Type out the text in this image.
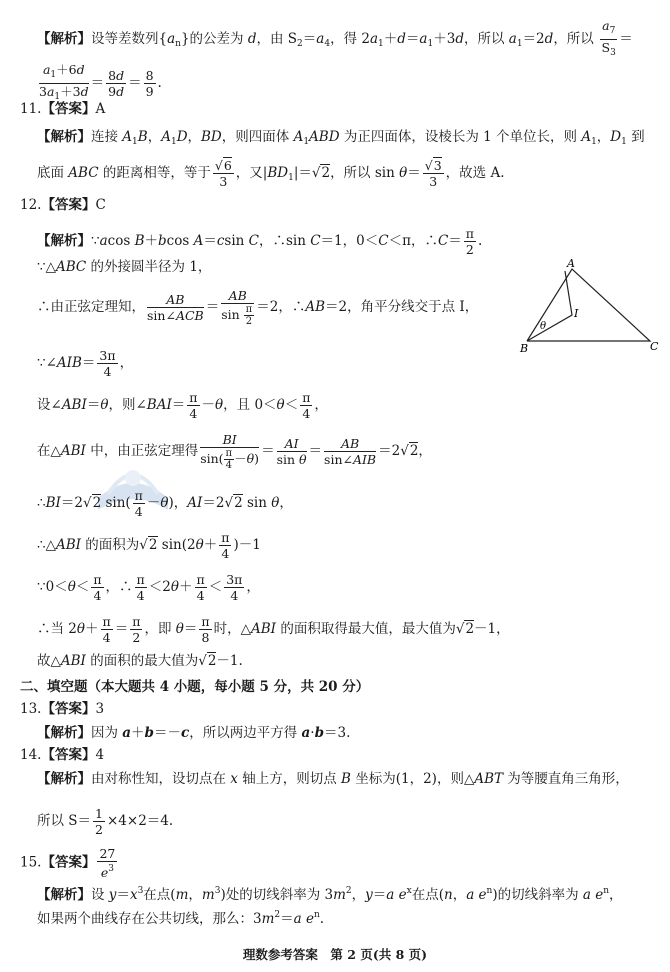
【解析】设等差数列$\{a_n\}$的公差为 d，由 $S_2=a_4$，得 $2a_1+d=a_1+3d$，所以 $a_1=2d$，所以 $\frac{a_7}{S_3}$ ＝
$\frac{a_1+6d}{3a_1+3d} = \frac{8d}{9d} = \frac{8}{9}$ .
11.【答案】A
【解析】连接 $A_1B$，$A_1D$，BD，则四面体 $A_1ABD$ 为正四面体，设棱长为 1 个单位长，则 $A_1$，$D_1$ 到
底面 ABC 的距离相等，等于 $\frac{√6}{3}$ ，又$|BD_1|=√2$，所以 $\sin \theta= \frac{√3}{3}$ ，故选 A.
12.【答案】C
【解析】∵acos B＋bcos A＝csin C，∴sin C＝1，0＜C＜π，∴C＝ $\frac{\pi}{2}$ .
∵△ABC 的外接圆半径为 1，
∴由正弦定理知， $\frac{AB}{\text{sin∠ACB}} = \frac{AB}{\sin \frac{\pi}{2}} =2$，∴AB＝2，角平分线交于点 I，
A
B	C
I
θ
∵∠AIB＝ $\frac{3\pi}{4}$ ，
设∠ABI＝θ，则∠BAI＝ $\frac{\pi}{4} -\theta$，且 $0<\theta< \frac{\pi}{4}$ ，
在△ABI 中，由正弦定理得 $\frac{BI}{\sin( \frac{\pi}{4} -\theta)} = \frac{AI}{\text{sin θ}} = \frac{AB}{\text{sin∠AIB}} =2√2$，
∴BI＝2√2 $\sin( \frac{\pi}{4} -\theta)$，AI＝2√2 sin θ，
∴△ABI 的面积为√2 $\sin(2\theta+ \frac{\pi}{4} )-1$
∵0＜θ＜ $\frac{\pi}{4}$ ，∴ $\frac{\pi}{4} <2\theta+ \frac{\pi}{4} < \frac{3\pi}{4}$ ，
∴当 $2\theta+ \frac{\pi}{4} = \frac{\pi}{2}$ ，即 $\theta= \frac{\pi}{8}$ 时，△ABI 的面积取得最大值，最大值为√2－1，
故△ABI 的面积的最大值为√2－1.
二、填空题（本大题共 4 小题，每小题 5 分，共 20 分）
13.【答案】3
【解析】因为 a＋b＝－c，所以两边平方得 a·b＝3.
14.【答案】4
【解析】由对称性知，设切点在 x 轴上方，则切点 B 坐标为(1，2)，则△ABT 为等腰直角三角形，
所以 $S= \frac{1}{2} \times 4\times 2=4$.
15.【答案】 $\frac{27}{e^3}$
【解析】设 $y=x^3$在点(m，$m^3$)处的切线斜率为 $3m^2$，y＝a $e^x$在点(n，a $e^n$)的切线斜率为 a $e^n$，
如果两个曲线存在公共切线，那么：$3m^2=a$ $e^n$.
理数参考答案　第 2 页(共 8 页)
